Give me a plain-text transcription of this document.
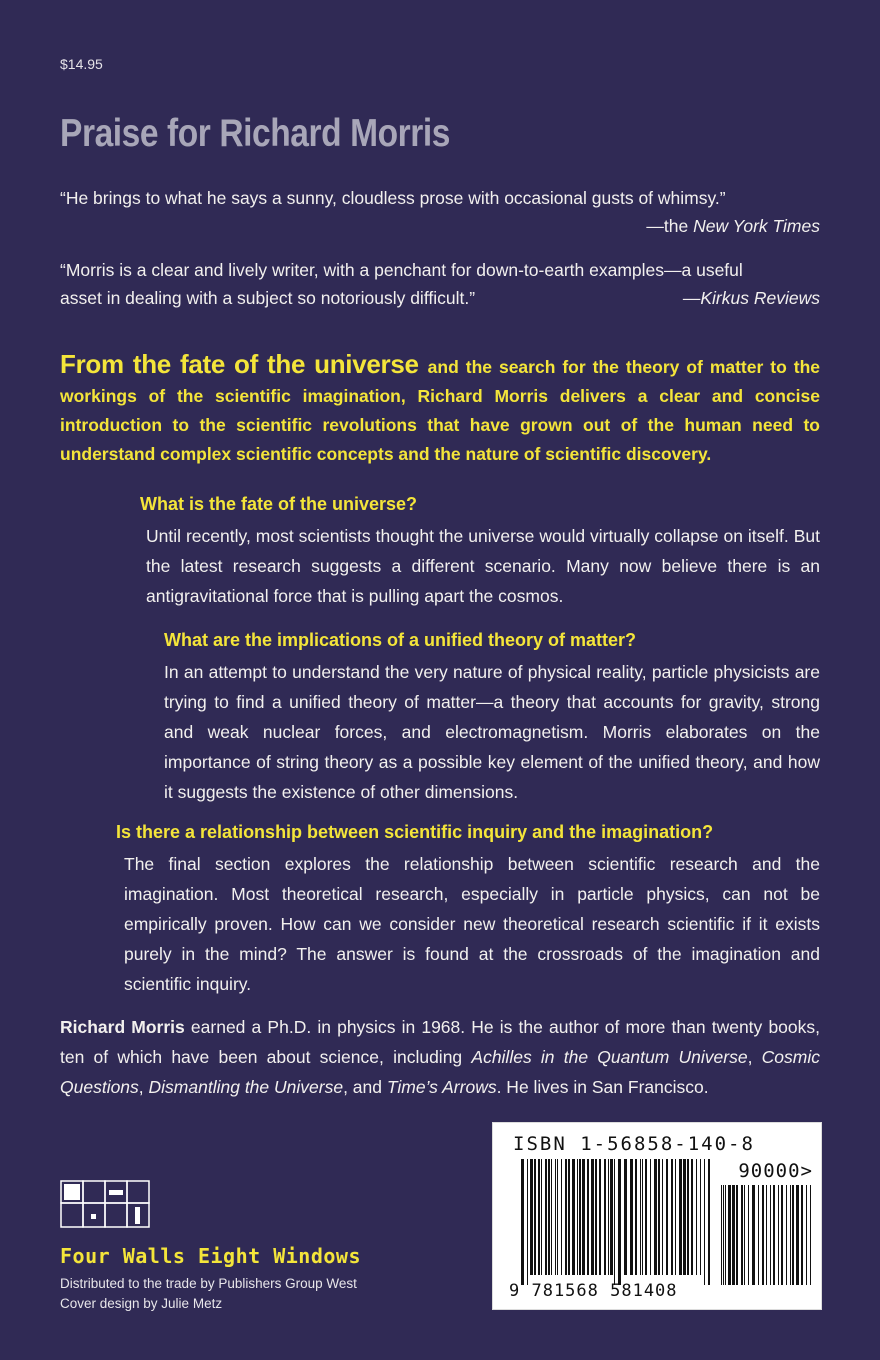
$14.95
Praise for Richard Morris
“He brings to what he says a sunny, cloudless prose with occasional gusts of whimsy.”
—the New York Times
“Morris is a clear and lively writer, with a penchant for down-to-earth examples—a useful
asset in dealing with a subject so notoriously difficult.”	—Kirkus Reviews
From the fate of the universe and the search for the theory of matter to the workings of the scientific imagination, Richard Morris delivers a clear and concise introduction to the scientific revolutions that have grown out of the human need to understand complex scientific concepts and the nature of scientific discovery.
What is the fate of the universe?
Until recently, most scientists thought the universe would virtually collapse on itself. But the latest research suggests a different scenario. Many now believe there is an antigravitational force that is pulling apart the cosmos.
What are the implications of a unified theory of matter?
In an attempt to understand the very nature of physical reality, particle physicists are trying to find a unified theory of matter—a theory that accounts for gravity, strong and weak nuclear forces, and electromagnetism. Morris elaborates on the importance of string theory as a possible key element of the unified theory, and how it suggests the existence of other dimensions.
Is there a relationship between scientific inquiry and the imagination?
The final section explores the relationship between scientific research and the imagination. Most theoretical research, especially in particle physics, can not be empirically proven. How can we consider new theoretical research scientific if it exists purely in the mind? The answer is found at the crossroads of the imagination and scientific inquiry.
Richard Morris earned a Ph.D. in physics in 1968. He is the author of more than twenty books, ten of which have been about science, including Achilles in the Quantum Universe, Cosmic Questions, Dismantling the Universe, and Time’s Arrows. He lives in San Francisco.
Four Walls Eight Windows
Distributed to the trade by Publishers Group West
Cover design by Julie Metz
ISBN 1-56858-140-8
90000>
9 781568 581408
